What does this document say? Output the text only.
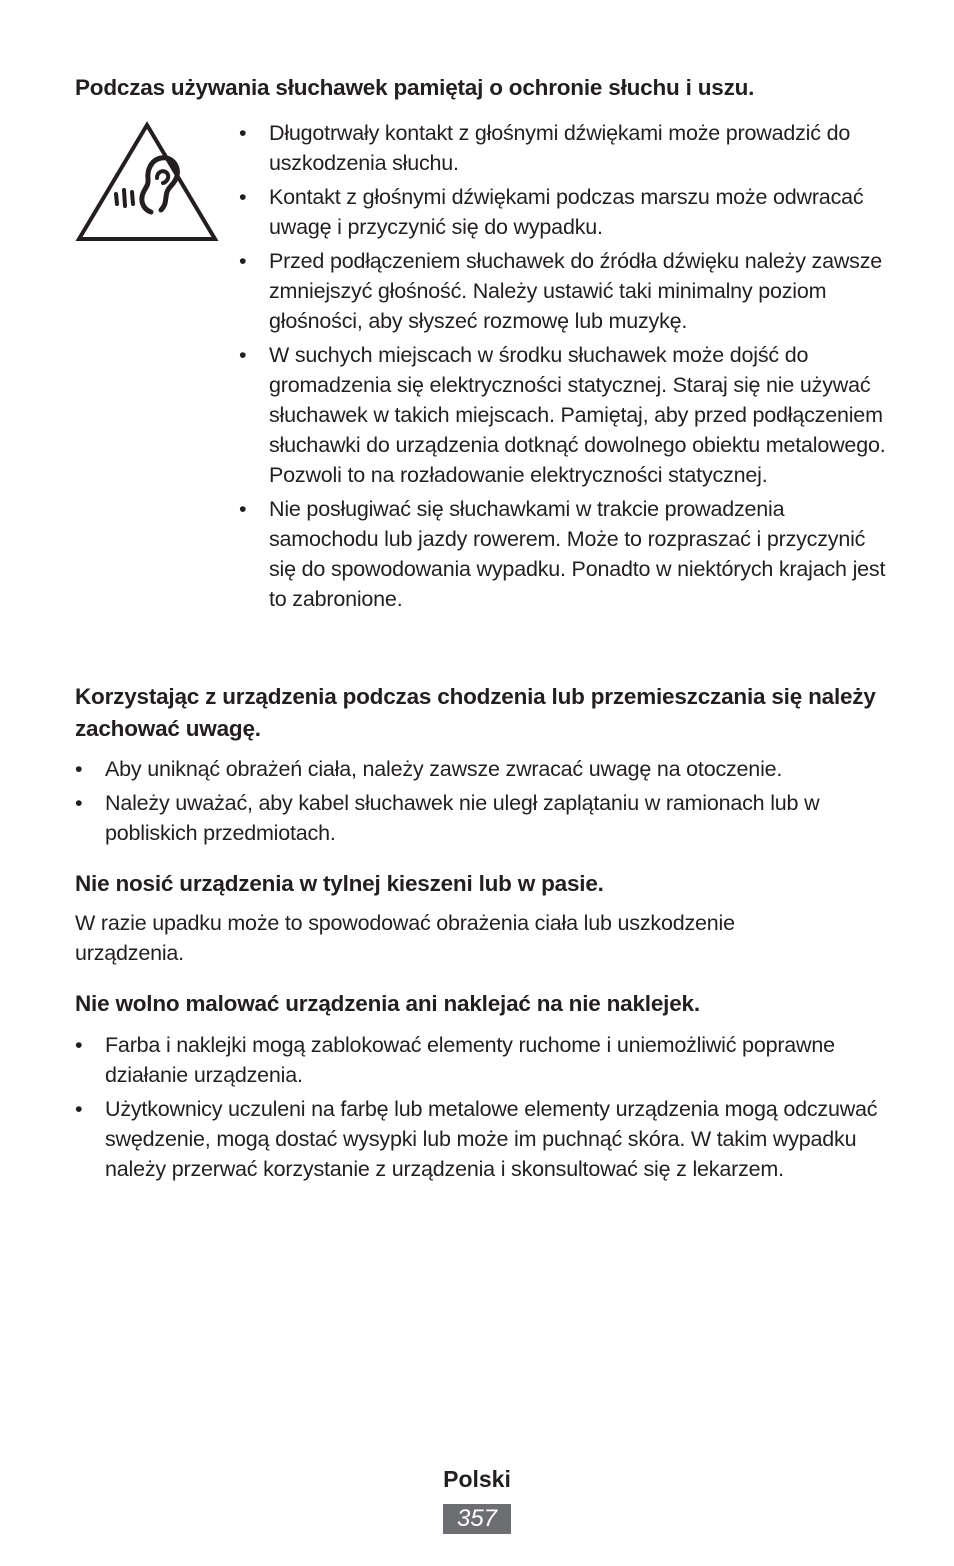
Podczas używania słuchawek pamiętaj o ochronie słuchu i uszu.
• Długotrwały kontakt z głośnymi dźwiękami może prowadzić do uszkodzenia słuchu.
• Kontakt z głośnymi dźwiękami podczas marszu może odwracać uwagę i przyczynić się do wypadku.
• Przed podłączeniem słuchawek do źródła dźwięku należy zawsze zmniejszyć głośność. Należy ustawić taki minimalny poziom głośności, aby słyszeć rozmowę lub muzykę.
• W suchych miejscach w środku słuchawek może dojść do gromadzenia się elektryczności statycznej. Staraj się nie używać słuchawek w takich miejscach. Pamiętaj, aby przed podłączeniem słuchawki do urządzenia dotknąć dowolnego obiektu metalowego. Pozwoli to na rozładowanie elektryczności statycznej.
• Nie posługiwać się słuchawkami w trakcie prowadzenia samochodu lub jazdy rowerem. Może to rozpraszać i przyczynić się do spowodowania wypadku. Ponadto w niektórych krajach jest to zabronione.
Korzystając z urządzenia podczas chodzenia lub przemieszczania się należy zachować uwagę.
• Aby uniknąć obrażeń ciała, należy zawsze zwracać uwagę na otoczenie.
• Należy uważać, aby kabel słuchawek nie uległ zaplątaniu w ramionach lub w pobliskich przedmiotach.
Nie nosić urządzenia w tylnej kieszeni lub w pasie.

W razie upadku może to spowodować obrażenia ciała lub uszkodzenie urządzenia.

Nie wolno malować urządzenia ani naklejać na nie naklejek.
• Farba i naklejki mogą zablokować elementy ruchome i uniemożliwić poprawne działanie urządzenia.
• Użytkownicy uczuleni na farbę lub metalowe elementy urządzenia mogą odczuwać swędzenie, mogą dostać wysypki lub może im puchnąć skóra. W takim wypadku należy przerwać korzystanie z urządzenia i skonsultować się z lekarzem.
Polski
357
